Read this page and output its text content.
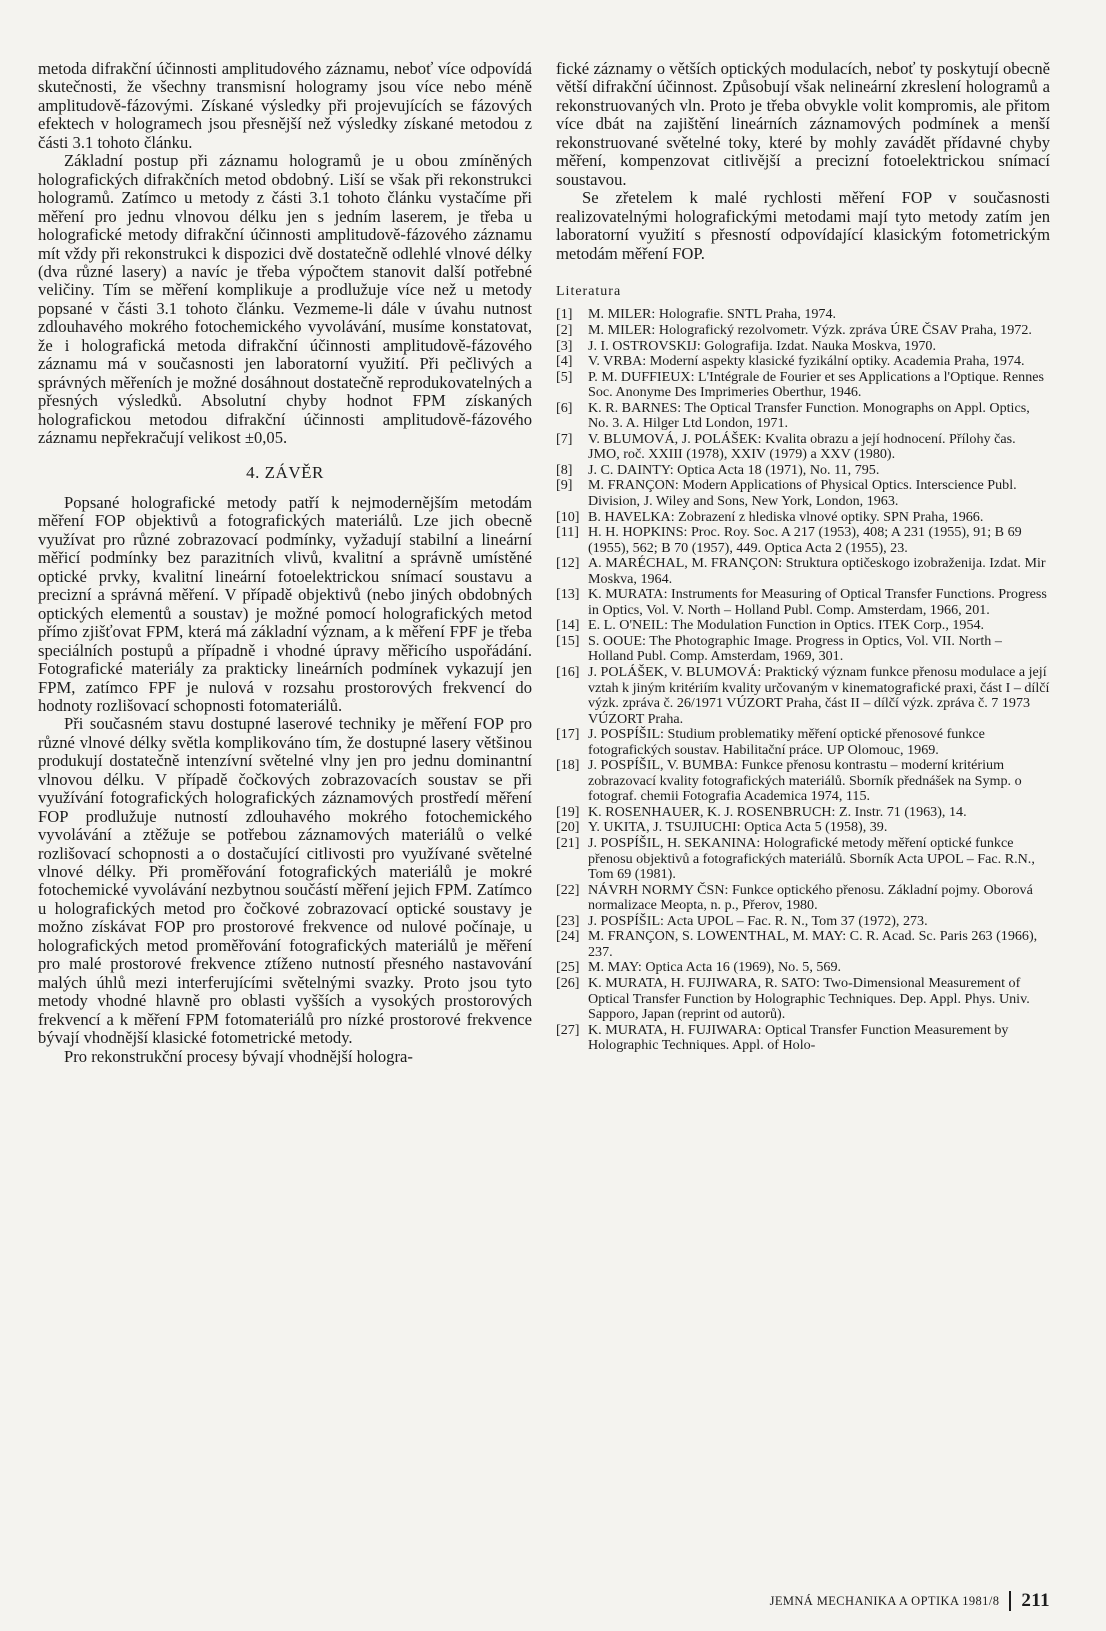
metoda difrakční účinnosti amplitudového záznamu, neboť více odpovídá skutečnosti, že všechny transmisní hologramy jsou více nebo méně amplitudově-fázovými. Získané výsledky při projevujících se fázových efektech v hologramech jsou přesnější než výsledky získané metodou z části 3.1 tohoto článku.

Základní postup při záznamu hologramů je u obou zmíněných holografických difrakčních metod obdobný. Liší se však při rekonstrukci hologramů. Zatímco u metody z části 3.1 tohoto článku vystačíme při měření pro jednu vlnovou délku jen s jedním laserem, je třeba u holografické metody difrakční účinnosti amplitudově-fázového záznamu mít vždy při rekonstrukci k dispozici dvě dostatečně odlehlé vlnové délky (dva různé lasery) a navíc je třeba výpočtem stanovit další potřebné veličiny. Tím se měření komplikuje a prodlužuje více než u metody popsané v části 3.1 tohoto článku. Vezmeme-li dále v úvahu nutnost zdlouhavého mokrého fotochemického vyvolávání, musíme konstatovat, že i holografická metoda difrakční účinnosti amplitudově-fázového záznamu má v současnosti jen laboratorní využití. Při pečlivých a správných měřeních je možné dosáhnout dostatečně reprodukovatelných a přesných výsledků. Absolutní chyby hodnot FPM získaných holografickou metodou difrakční účinnosti amplitudově-fázového záznamu nepřekračují velikost ±0,05.

4. ZÁVĚR

Popsané holografické metody patří k nejmodernějším metodám měření FOP objektivů a fotografických materiálů. Lze jich obecně využívat pro různé zobrazovací podmínky, vyžadují stabilní a lineární měřicí podmínky bez parazitních vlivů, kvalitní a správně umístěné optické prvky, kvalitní lineární fotoelektrickou snímací soustavu a precizní a správná měření. V případě objektivů (nebo jiných obdobných optických elementů a soustav) je možné pomocí holografických metod přímo zjišťovat FPM, která má základní význam, a k měření FPF je třeba speciálních postupů a případně i vhodné úpravy měřicího uspořádání. Fotografické materiály za prakticky lineárních podmínek vykazují jen FPM, zatímco FPF je nulová v rozsahu prostorových frekvencí do hodnoty rozlišovací schopnosti fotomateriálů.

Při současném stavu dostupné laserové techniky je měření FOP pro různé vlnové délky světla komplikováno tím, že dostupné lasery většinou produkují dostatečně intenzívní světelné vlny jen pro jednu dominantní vlnovou délku. V případě čočkových zobrazovacích soustav se při využívání fotografických holografických záznamových prostředí měření FOP prodlužuje nutností zdlouhavého mokrého fotochemického vyvolávání a ztěžuje se potřebou záznamových materiálů o velké rozlišovací schopnosti a o dostačující citlivosti pro využívané světelné vlnové délky. Při proměřování fotografických materiálů je mokré fotochemické vyvolávání nezbytnou součástí měření jejich FPM. Zatímco u holografických metod pro čočkové zobrazovací optické soustavy je možno získávat FOP pro prostorové frekvence od nulové počínaje, u holografických metod proměřování fotografických materiálů je měření pro malé prostorové frekvence ztíženo nutností přesného nastavování malých úhlů mezi interferujícími světelnými svazky. Proto jsou tyto metody vhodné hlavně pro oblasti vyšších a vysokých prostorových frekvencí a k měření FPM fotomateriálů pro nízké prostorové frekvence bývají vhodnější klasické fotometrické metody.

Pro rekonstrukční procesy bývají vhodnější hologra-

fické záznamy o větších optických modulacích, neboť ty poskytují obecně větší difrakční účinnost. Způsobují však nelineární zkreslení hologramů a rekonstruovaných vln. Proto je třeba obvykle volit kompromis, ale přitom více dbát na zajištění lineárních záznamových podmínek a menší rekonstruované světelné toky, které by mohly zavádět přídavné chyby měření, kompenzovat citlivější a precizní fotoelektrickou snímací soustavou.

Se zřetelem k malé rychlosti měření FOP v současnosti realizovatelnými holografickými metodami mají tyto metody zatím jen laboratorní využití s přesností odpovídající klasickým fotometrickým metodám měření FOP.

Literatura
[1]	M. MILER: Holografie. SNTL Praha, 1974.
[2]	M. MILER: Holografický rezolvometr. Výzk. zpráva ÚRE ČSAV Praha, 1972.
[3]	J. I. OSTROVSKIJ: Golografija. Izdat. Nauka Moskva, 1970.
[4]	V. VRBA: Moderní aspekty klasické fyzikální optiky. Academia Praha, 1974.
[5]	P. M. DUFFIEUX: L'Intégrale de Fourier et ses Applications a l'Optique. Rennes Soc. Anonyme Des Imprimeries Oberthur, 1946.
[6]	K. R. BARNES: The Optical Transfer Function. Monographs on Appl. Optics, No. 3. A. Hilger Ltd London, 1971.
[7]	V. BLUMOVÁ, J. POLÁŠEK: Kvalita obrazu a její hodnocení. Přílohy čas. JMO, roč. XXIII (1978), XXIV (1979) a XXV (1980).
[8]	J. C. DAINTY: Optica Acta 18 (1971), No. 11, 795.
[9]	M. FRANÇON: Modern Applications of Physical Optics. Interscience Publ. Division, J. Wiley and Sons, New York, London, 1963.
[10] B. HAVELKA: Zobrazení z hlediska vlnové optiky. SPN Praha, 1966.
[11] H. H. HOPKINS: Proc. Roy. Soc. A 217 (1953), 408; A 231 (1955), 91; B 69 (1955), 562; B 70 (1957), 449. Optica Acta 2 (1955), 23.
[12] A. MARÉCHAL, M. FRANÇON: Struktura optičeskogo izobraženija. Izdat. Mir Moskva, 1964.
[13] K. MURATA: Instruments for Measuring of Optical Transfer Functions. Progress in Optics, Vol. V. North – Holland Publ. Comp. Amsterdam, 1966, 201.
[14] E. L. O'NEIL: The Modulation Function in Optics. ITEK Corp., 1954.
[15] S. OOUE: The Photographic Image. Progress in Optics, Vol. VII. North – Holland Publ. Comp. Amsterdam, 1969, 301.
[16] J. POLÁŠEK, V. BLUMOVÁ: Praktický význam funkce přenosu modulace a její vztah k jiným kritériím kvality určovaným v kinematografické praxi, část I – dílčí výzk. zpráva č. 26/1971 VÚZORT Praha, část II – dílčí výzk. zpráva č. 7 1973 VÚZORT Praha.
[17] J. POSPÍŠIL: Studium problematiky měření optické přenosové funkce fotografických soustav. Habilitační práce. UP Olomouc, 1969.
[18] J. POSPÍŠIL, V. BUMBA: Funkce přenosu kontrastu – moderní kritérium zobrazovací kvality fotografických materiálů. Sborník přednášek na Symp. o fotograf. chemii Fotografia Academica 1974, 115.
[19] K. ROSENHAUER, K. J. ROSENBRUCH: Z. Instr. 71 (1963), 14.
[20] Y. UKITA, J. TSUJIUCHI: Optica Acta 5 (1958), 39.
[21] J. POSPÍŠIL, H. SEKANINA: Holografické metody měření optické funkce přenosu objektivů a fotografických materiálů. Sborník Acta UPOL – Fac. R.N., Tom 69 (1981).
[22] NÁVRH NORMY ČSN: Funkce optického přenosu. Základní pojmy. Oborová normalizace Meopta, n. p., Přerov, 1980.
[23] J. POSPÍŠIL: Acta UPOL – Fac. R. N., Tom 37 (1972), 273.
[24] M. FRANÇON, S. LOWENTHAL, M. MAY: C. R. Acad. Sc. Paris 263 (1966), 237.
[25] M. MAY: Optica Acta 16 (1969), No. 5, 569.
[26] K. MURATA, H. FUJIWARA, R. SATO: Two-Dimensional Measurement of Optical Transfer Function by Holographic Techniques. Dep. Appl. Phys. Univ. Sapporo, Japan (reprint od autorů).
[27] K. MURATA, H. FUJIWARA: Optical Transfer Function Measurement by Holographic Techniques. Appl. of Holo-
JEMNÁ MECHANIKA A OPTIKA 1981/8 211
